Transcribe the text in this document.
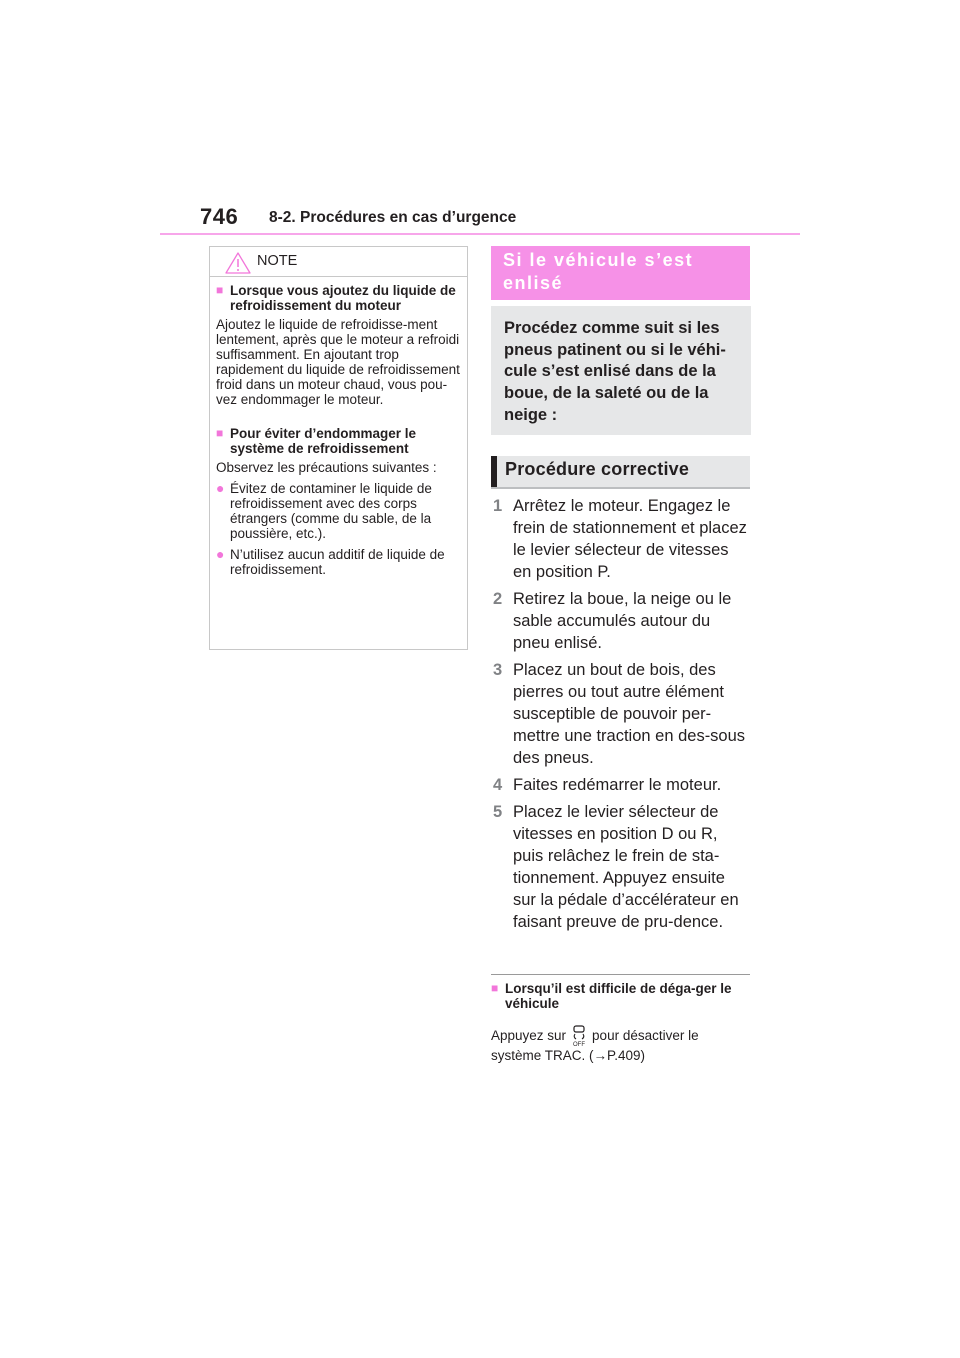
746 8-2. Procédures en cas d’urgence
NOTE
■ Lorsque vous ajoutez du liquide de refroidissement du moteur
Ajoutez le liquide de refroidisse-ment lentement, après que le moteur a refroidi suffisamment. En ajoutant trop rapidement du liquide de refroidissement froid dans un moteur chaud, vous pou-vez endommager le moteur.
■ Pour éviter d’endommager le système de refroidissement
Observez les précautions suivantes :
● Évitez de contaminer le liquide de refroidissement avec des corps étrangers (comme du sable, de la poussière, etc.).
● N’utilisez aucun additif de liquide de refroidissement.
Si le véhicule s’est enlisé
Procédez comme suit si les pneus patinent ou si le véhi-cule s’est enlisé dans de la boue, de la saleté ou de la neige :
Procédure corrective
1 Arrêtez le moteur. Engagez le frein de stationnement et placez le levier sélecteur de vitesses en position P.
2 Retirez la boue, la neige ou le sable accumulés autour du pneu enlisé.
3 Placez un bout de bois, des pierres ou tout autre élément susceptible de pouvoir per-mettre une traction en des-sous des pneus.
4 Faites redémarrer le moteur.
5 Placez le levier sélecteur de vitesses en position D ou R, puis relâchez le frein de sta-tionnement. Appuyez ensuite sur la pédale d’accélérateur en faisant preuve de pru-dence.
■ Lorsqu’il est difficile de déga-ger le véhicule
Appuyez sur
OFF
pour désactiver le système TRAC. (→P.409)
